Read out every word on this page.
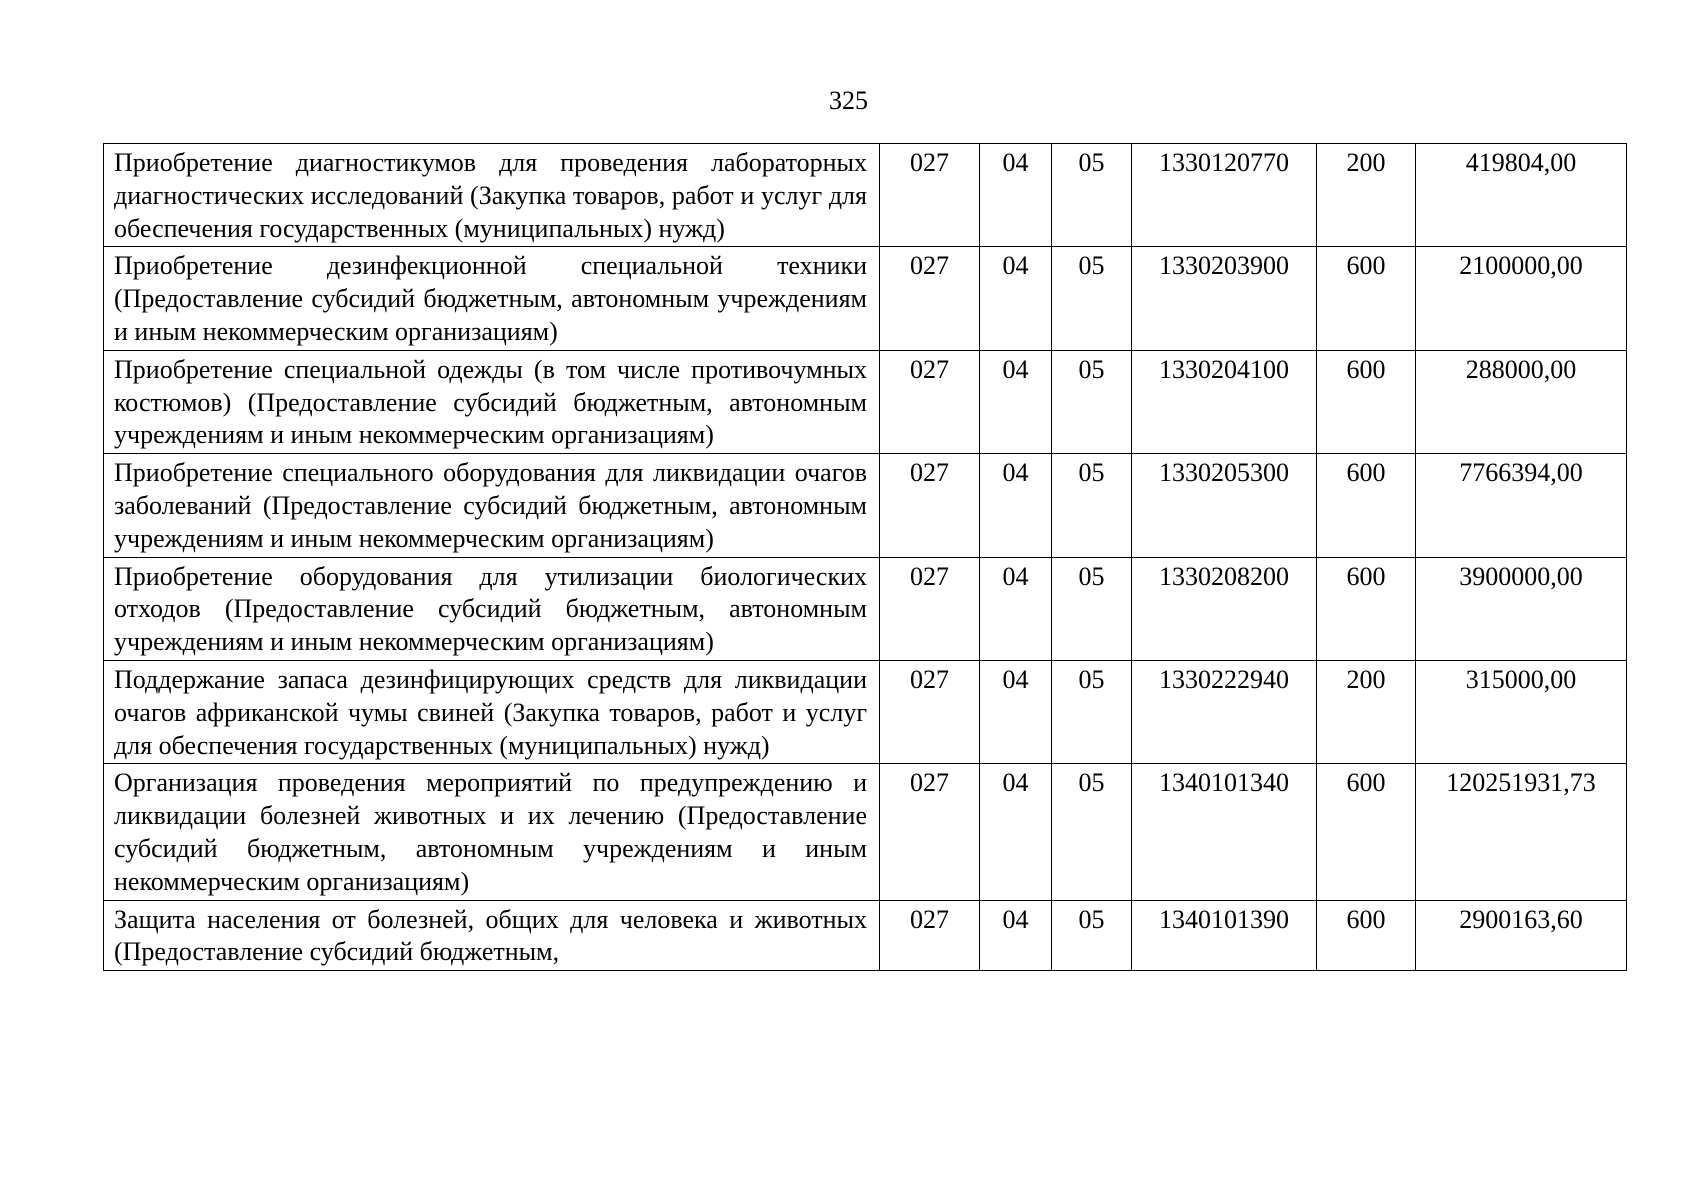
325
Приобретение диагностикумов для проведения лабораторных диагностических исследований (Закупка товаров, работ и услуг для обеспечения государственных (муниципальных) нужд)	027	04	05	1330120770	200	419804,00
Приобретение дезинфекционной специальной техники (Предоставление субсидий бюджетным, автономным учреждениям и иным некоммерческим организациям)	027	04	05	1330203900	600	2100000,00
Приобретение специальной одежды (в том числе противочумных костюмов) (Предоставление субсидий бюджетным, автономным учреждениям и иным некоммерческим организациям)	027	04	05	1330204100	600	288000,00
Приобретение специального оборудования для ликвидации очагов заболеваний (Предоставление субсидий бюджетным, автономным учреждениям и иным некоммерческим организациям)	027	04	05	1330205300	600	7766394,00
Приобретение оборудования для утилизации биологических отходов (Предоставление субсидий бюджетным, автономным учреждениям и иным некоммерческим организациям)	027	04	05	1330208200	600	3900000,00
Поддержание запаса дезинфицирующих средств для ликвидации очагов африканской чумы свиней (Закупка товаров, работ и услуг для обеспечения государственных (муниципальных) нужд)	027	04	05	1330222940	200	315000,00
Организация проведения мероприятий по предупреждению и ликвидации болезней животных и их лечению (Предоставление субсидий бюджетным, автономным учреждениям и иным некоммерческим организациям)	027	04	05	1340101340	600	120251931,73
Защита населения от болезней, общих для человека и животных (Предоставление субсидий бюджетным,	027	04	05	1340101390	600	2900163,60
